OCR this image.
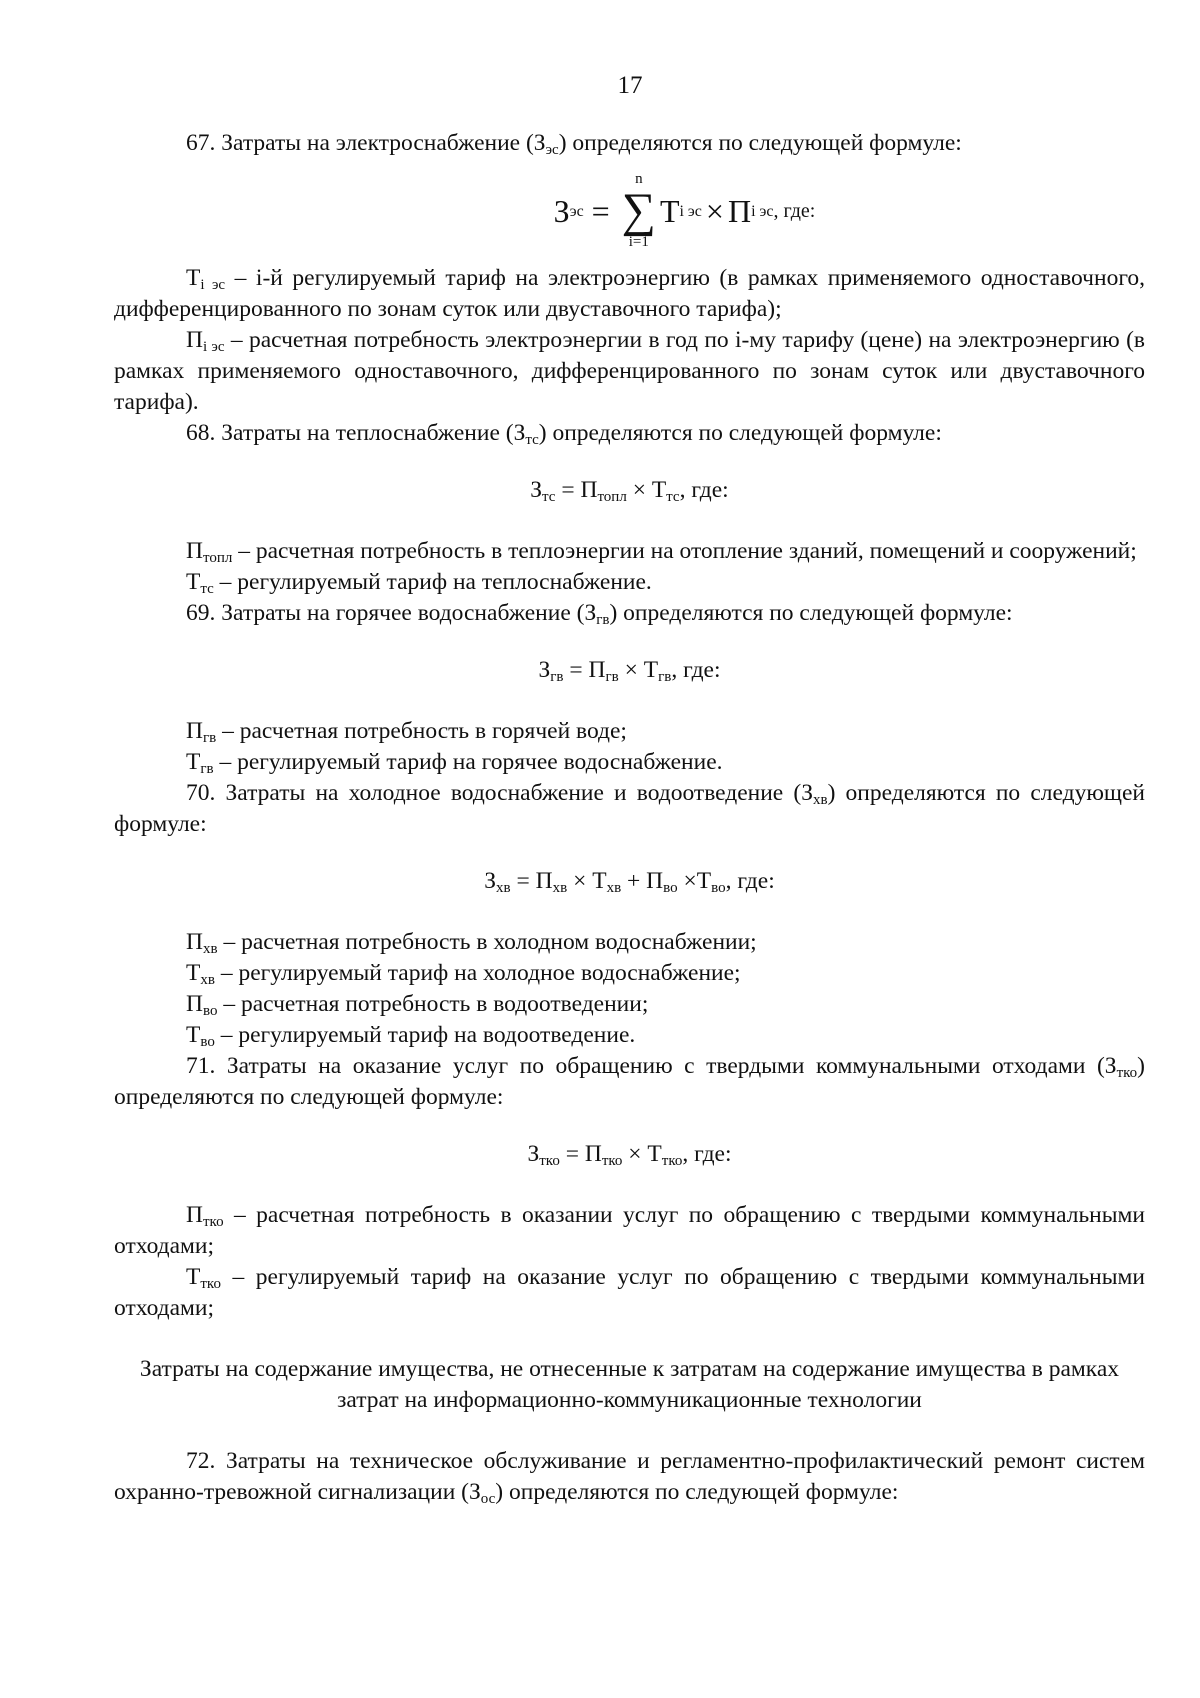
17

67. Затраты на электроснабжение $(З_{эс})$ определяются по следующей формуле:

З эс =
n
∑
i=1
T i эс × П i эс , где:

$T_{i эс} - i-й$ регулируемый тариф на электроэнергию (в рамках применяемого одноставочного, дифференцированного по зонам суток или двуставочного тарифа);

$П_{i эс}$ – расчетная потребность электроэнергии в год по i-му тарифу (цене) на электроэнергию (в рамках применяемого одноставочного, дифференцированного по зонам суток или двуставочного тарифа).

68. Затраты на теплоснабжение $(З_{тс})$ определяются по следующей формуле:

$З_{тс} = П_{топл} \times Т_{тс}$, где:

$П_{топл}$ – расчетная потребность в теплоэнергии на отопление зданий, помещений и сооружений;

$Т_{тс}$ – регулируемый тариф на теплоснабжение.

69. Затраты на горячее водоснабжение $(З_{гв})$ определяются по следующей формуле:

$З_{гв} = П_{гв} \times Т_{гв}$, где:

$П_{гв}$ – расчетная потребность в горячей воде;

$Т_{гв}$ – регулируемый тариф на горячее водоснабжение.

70. Затраты на холодное водоснабжение и водоотведение $(З_{хв})$ определяются по следующей формуле:

$З_{хв} = П_{хв} \times Т_{хв} + П_{во} \times Т_{во}$, где:

$П_{хв}$ – расчетная потребность в холодном водоснабжении;

$Т_{хв}$ – регулируемый тариф на холодное водоснабжение;

$П_{во}$ – расчетная потребность в водоотведении;

$Т_{во}$ – регулируемый тариф на водоотведение.

71. Затраты на оказание услуг по обращению с твердыми коммунальными отходами $(З_{тко})$ определяются по следующей формуле:

$З_{тко} = П_{тко} \times Т_{тко}$, где:

$П_{тко}$ – расчетная потребность в оказании услуг по обращению с твердыми коммунальными отходами;

$Т_{тко}$ – регулируемый тариф на оказание услуг по обращению с твердыми коммунальными отходами;

Затраты на содержание имущества, не отнесенные к затратам на содержание имущества в рамках затрат на информационно-коммуникационные технологии

72. Затраты на техническое обслуживание и регламентно-профилактический ремонт систем охранно-тревожной сигнализации $(З_{ос})$ определяются по следующей формуле:
